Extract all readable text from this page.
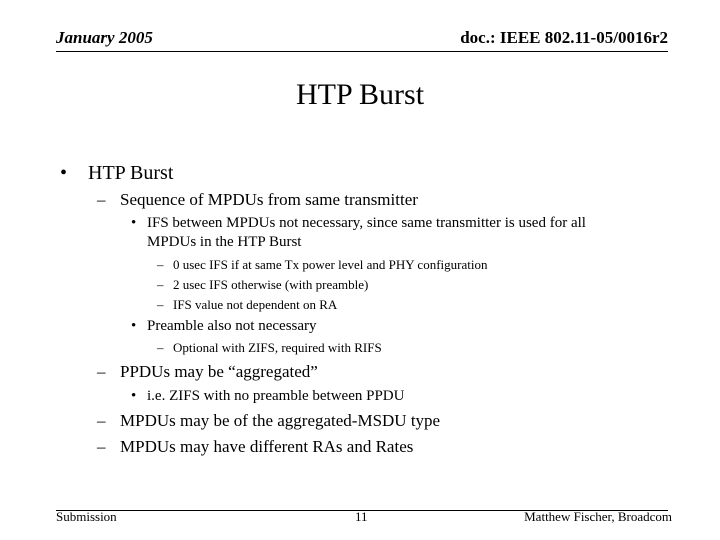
January 2005	doc.: IEEE 802.11-05/0016r2
HTP Burst
• HTP Burst
– Sequence of MPDUs from same transmitter
• IFS between MPDUs not necessary, since same transmitter is used for all
MPDUs in the HTP Burst
– 0 usec IFS if at same Tx power level and PHY configuration
– 2 usec IFS otherwise (with preamble)
– IFS value not dependent on RA
• Preamble also not necessary
– Optional with ZIFS, required with RIFS
– PPDUs may be “aggregated”
• i.e. ZIFS with no preamble between PPDU
– MPDUs may be of the aggregated-MSDU type
– MPDUs may have different RAs and Rates
Submission	11	Matthew Fischer, Broadcom
